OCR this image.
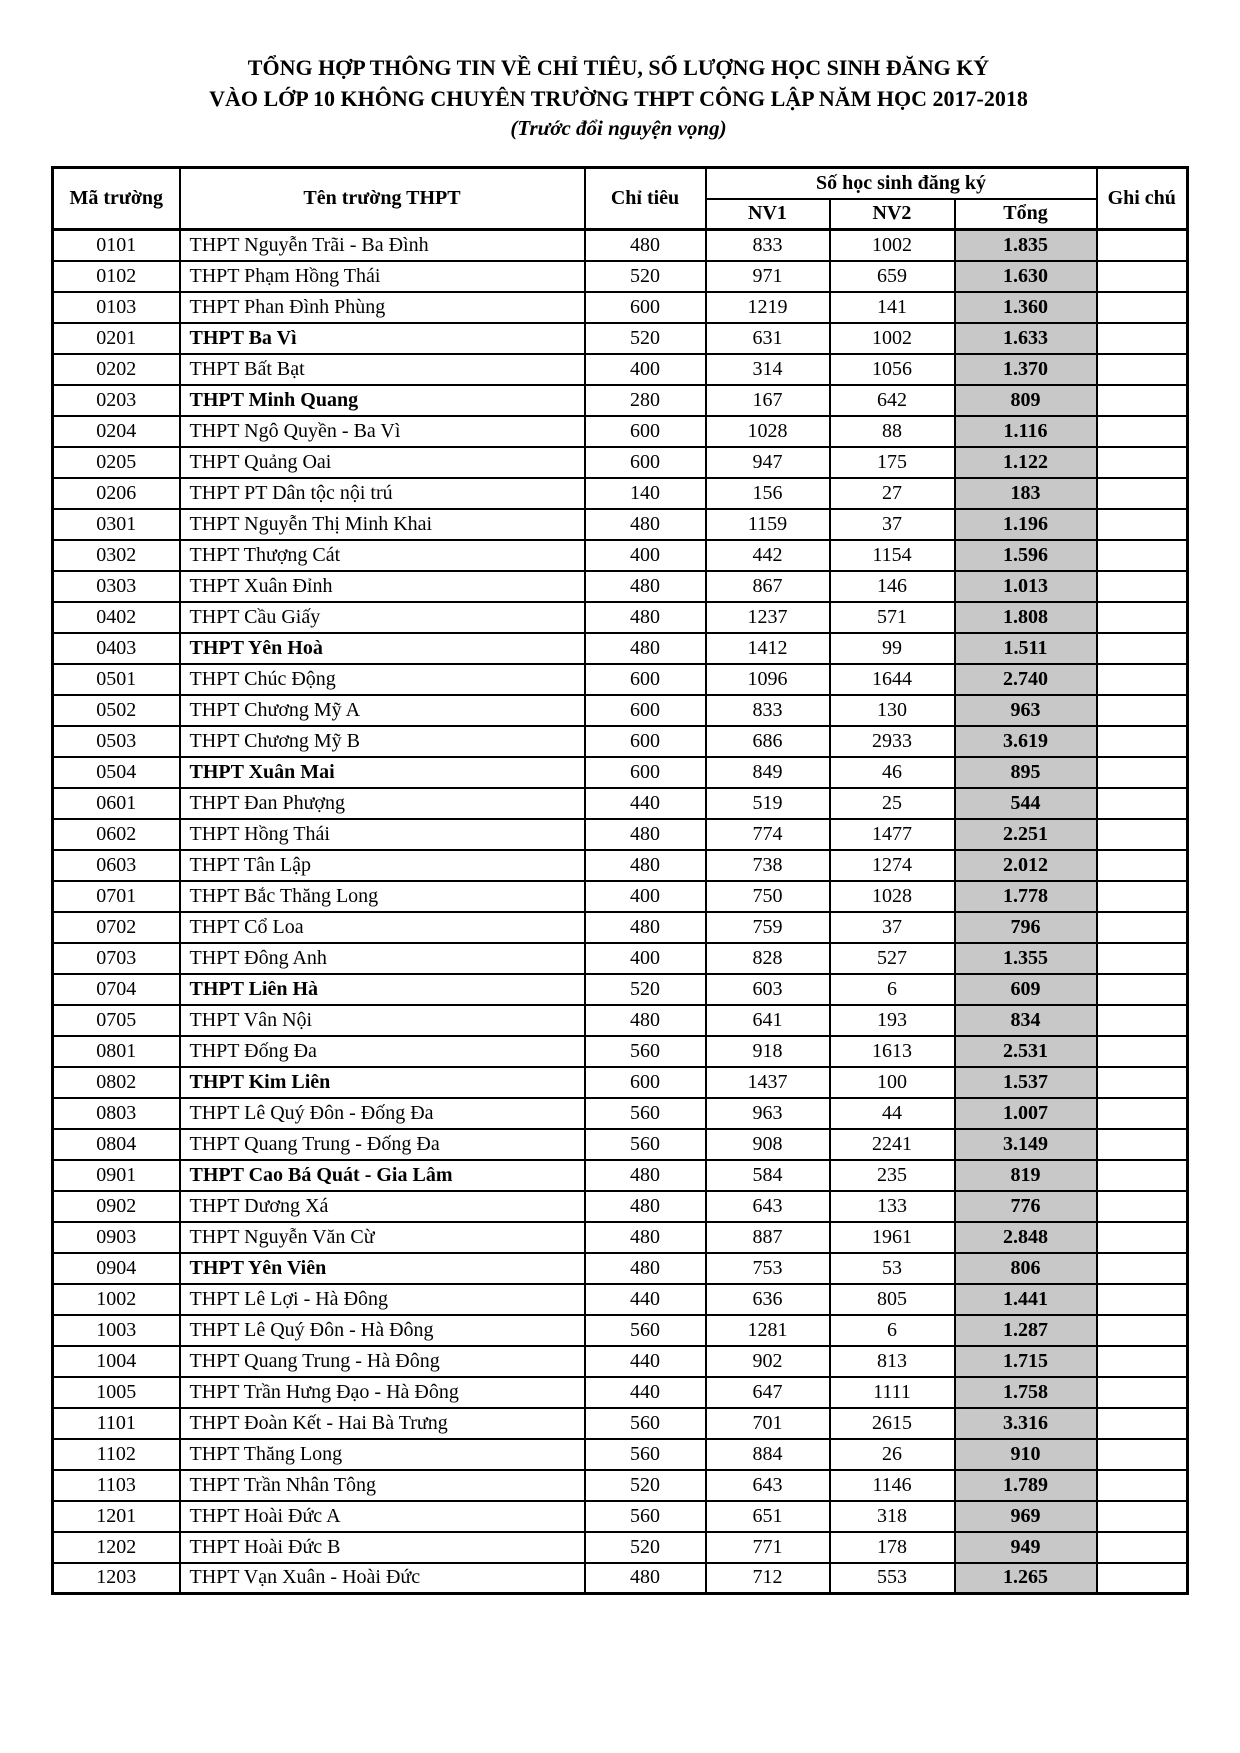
TỔNG HỢP THÔNG TIN VỀ CHỈ TIÊU, SỐ LƯỢNG HỌC SINH ĐĂNG KÝ
VÀO LỚP 10 KHÔNG CHUYÊN TRƯỜNG THPT CÔNG LẬP NĂM HỌC 2017-2018
(Trước đổi nguyện vọng)
Mã trường	Tên trường THPT	Chỉ tiêu	Số học sinh đăng ký			Ghi chú
			NV1	NV2	Tổng	
0101	THPT Nguyễn Trãi - Ba Đình	480	833	1002	1.835	
0102	THPT Phạm Hồng Thái	520	971	659	1.630	
0103	THPT Phan Đình Phùng	600	1219	141	1.360	
0201	THPT Ba Vì	520	631	1002	1.633	
0202	THPT Bất Bạt	400	314	1056	1.370	
0203	THPT Minh Quang	280	167	642	809	
0204	THPT Ngô Quyền - Ba Vì	600	1028	88	1.116	
0205	THPT Quảng Oai	600	947	175	1.122	
0206	THPT PT Dân tộc nội trú	140	156	27	183	
0301	THPT Nguyễn Thị Minh Khai	480	1159	37	1.196	
0302	THPT Thượng Cát	400	442	1154	1.596	
0303	THPT Xuân Đỉnh	480	867	146	1.013	
0402	THPT Cầu Giấy	480	1237	571	1.808	
0403	THPT Yên Hoà	480	1412	99	1.511	
0501	THPT Chúc Động	600	1096	1644	2.740	
0502	THPT Chương Mỹ A	600	833	130	963	
0503	THPT Chương Mỹ B	600	686	2933	3.619	
0504	THPT Xuân Mai	600	849	46	895	
0601	THPT Đan Phượng	440	519	25	544	
0602	THPT Hồng Thái	480	774	1477	2.251	
0603	THPT Tân Lập	480	738	1274	2.012	
0701	THPT Bắc Thăng Long	400	750	1028	1.778	
0702	THPT Cổ Loa	480	759	37	796	
0703	THPT Đông Anh	400	828	527	1.355	
0704	THPT Liên Hà	520	603	6	609	
0705	THPT Vân Nội	480	641	193	834	
0801	THPT Đống Đa	560	918	1613	2.531	
0802	THPT Kim Liên	600	1437	100	1.537	
0803	THPT Lê Quý Đôn - Đống Đa	560	963	44	1.007	
0804	THPT Quang Trung - Đống Đa	560	908	2241	3.149	
0901	THPT Cao Bá Quát - Gia Lâm	480	584	235	819	
0902	THPT Dương Xá	480	643	133	776	
0903	THPT Nguyễn Văn Cừ	480	887	1961	2.848	
0904	THPT Yên Viên	480	753	53	806	
1002	THPT Lê Lợi - Hà Đông	440	636	805	1.441	
1003	THPT Lê Quý Đôn - Hà Đông	560	1281	6	1.287	
1004	THPT Quang Trung - Hà Đông	440	902	813	1.715	
1005	THPT Trần Hưng Đạo - Hà Đông	440	647	1111	1.758	
1101	THPT Đoàn Kết - Hai Bà Trưng	560	701	2615	3.316	
1102	THPT Thăng Long	560	884	26	910	
1103	THPT Trần Nhân Tông	520	643	1146	1.789	
1201	THPT Hoài Đức A	560	651	318	969	
1202	THPT Hoài Đức B	520	771	178	949	
1203	THPT Vạn Xuân - Hoài Đức	480	712	553	1.265	
